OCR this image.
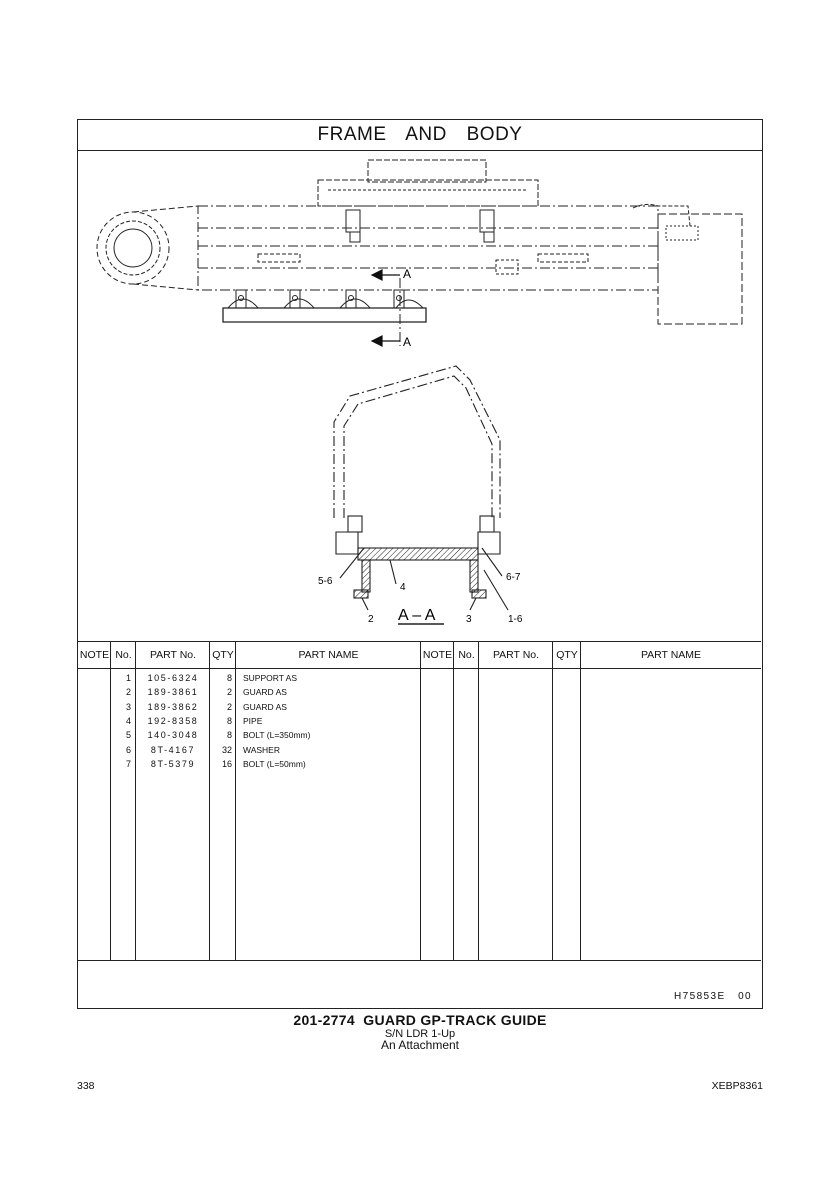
FRAME AND BODY
A
A
5-6
4
6-7
2	3	1-6
A – A
NOTE No.	PART No.	QTY	PART NAME	NOTE No.	PART No.	QTY	PART NAME
1	105-6324	8 SUPPORT AS
2	189-3861	2 GUARD AS
3	189-3862	2 GUARD AS
4	192-8358	8 PIPE
5	140-3048	8 BOLT (L=350mm)
6	8T-4167	32 WASHER
7	8T-5379	16 BOLT (L=50mm)
H75853E   00
201-2774  GUARD GP-TRACK GUIDE
S/N LDR 1-Up
An Attachment
338	XEBP8361
